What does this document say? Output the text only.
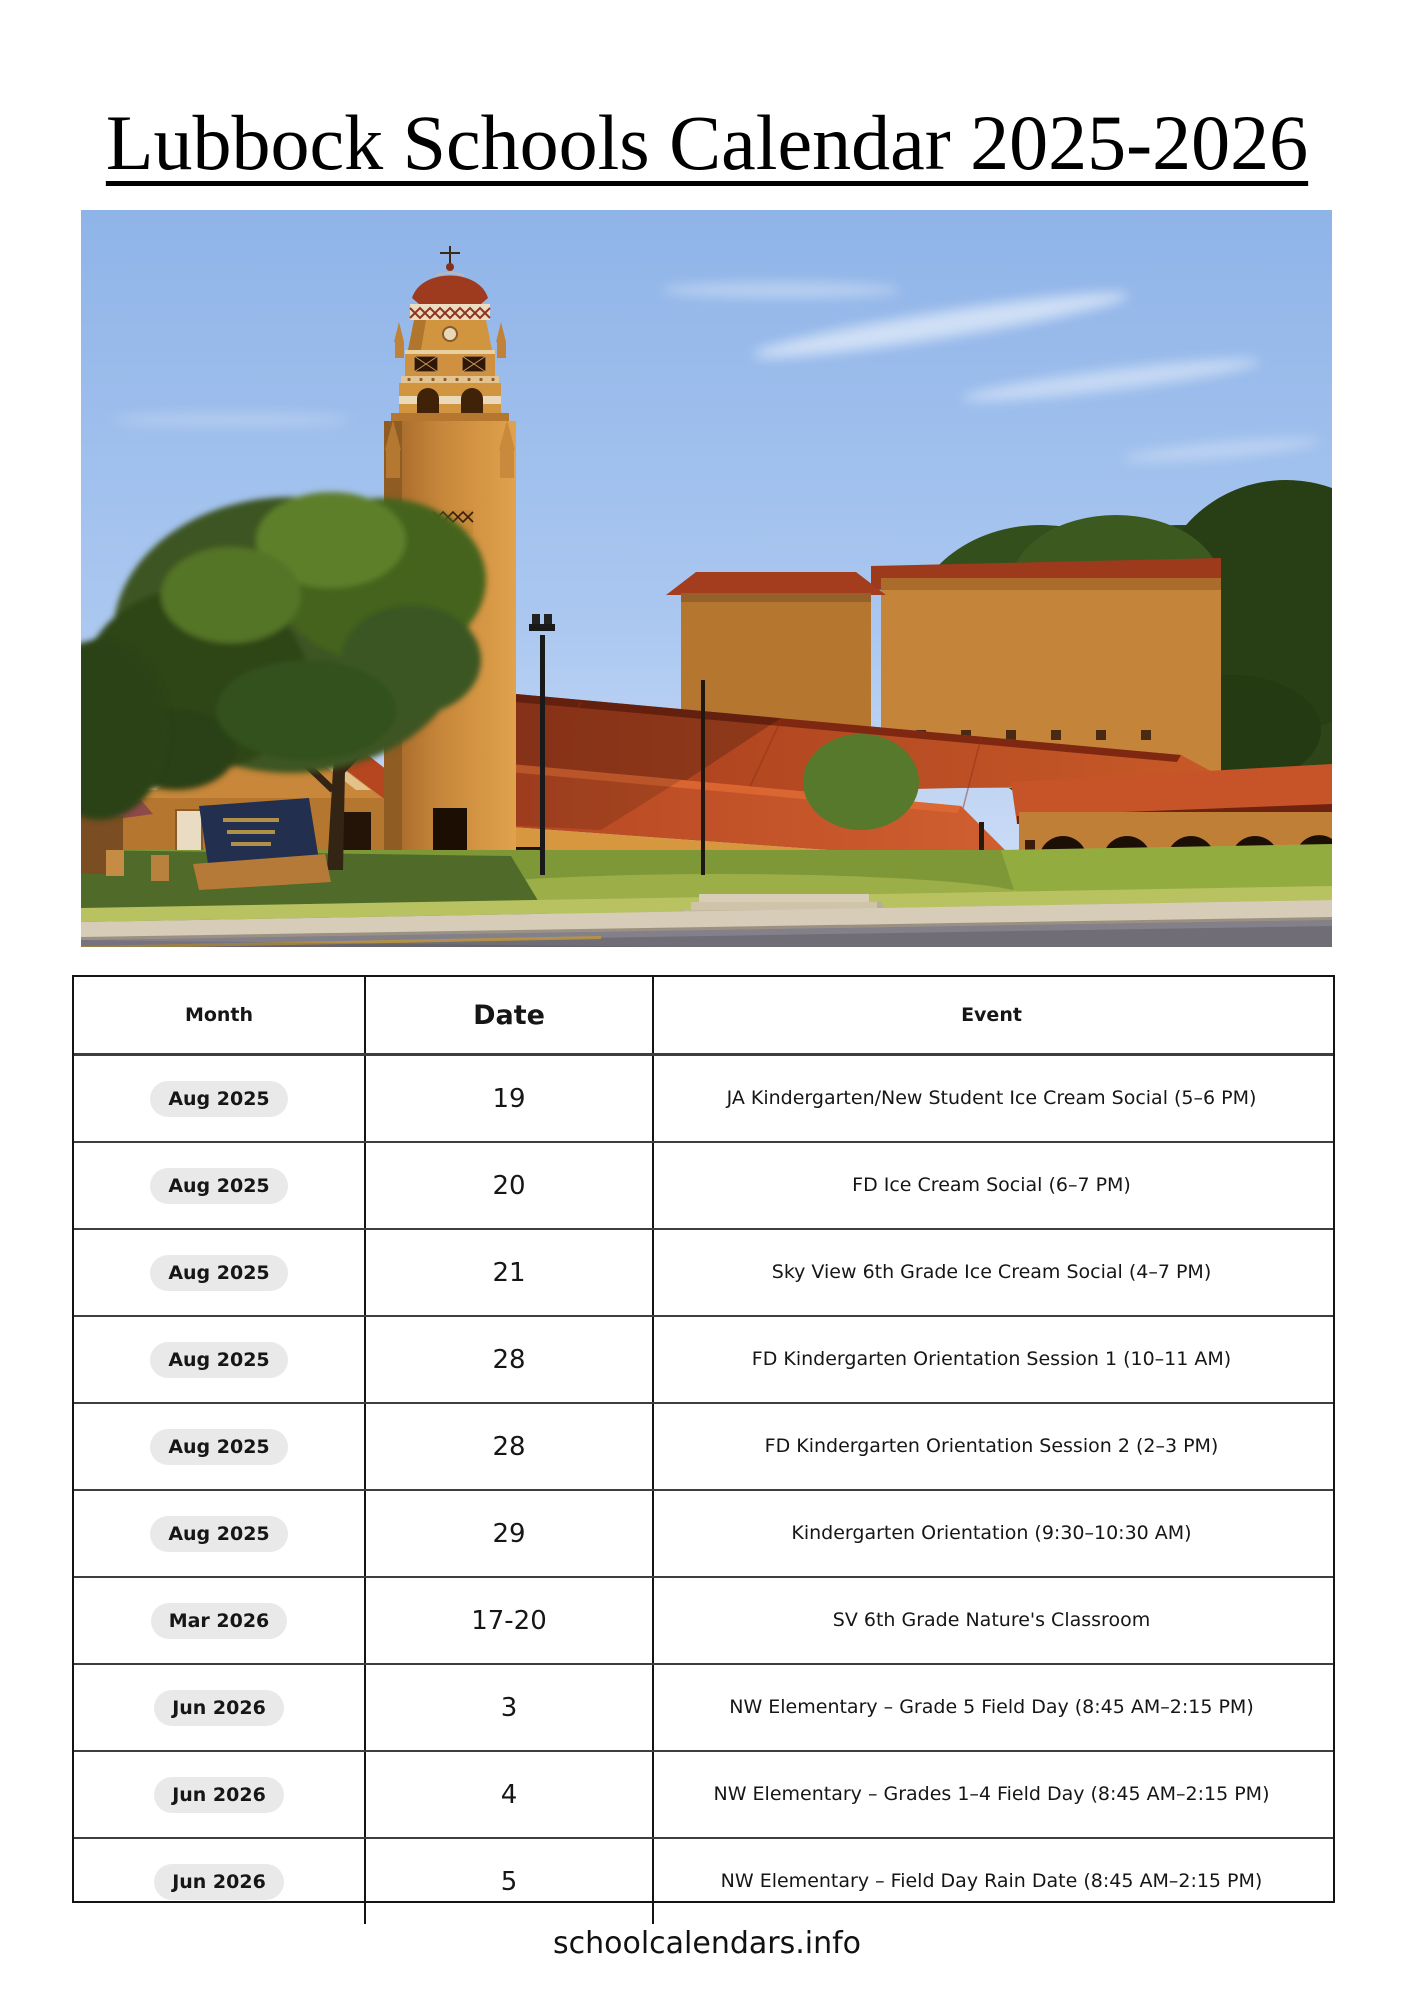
Lubbock Schools Calendar 2025-2026
Month	Date	Event
Aug 2025	19	JA Kindergarten/New Student Ice Cream Social (5–6 PM)
Aug 2025	20	FD Ice Cream Social (6–7 PM)
Aug 2025	21	Sky View 6th Grade Ice Cream Social (4–7 PM)
Aug 2025	28	FD Kindergarten Orientation Session 1 (10–11 AM)
Aug 2025	28	FD Kindergarten Orientation Session 2 (2–3 PM)
Aug 2025	29	Kindergarten Orientation (9:30–10:30 AM)
Mar 2026	17-20	SV 6th Grade Nature's Classroom
Jun 2026	3	NW Elementary – Grade 5 Field Day (8:45 AM–2:15 PM)
Jun 2026	4	NW Elementary – Grades 1–4 Field Day (8:45 AM–2:15 PM)
Jun 2026	5	NW Elementary – Field Day Rain Date (8:45 AM–2:15 PM)
schoolcalendars.info
